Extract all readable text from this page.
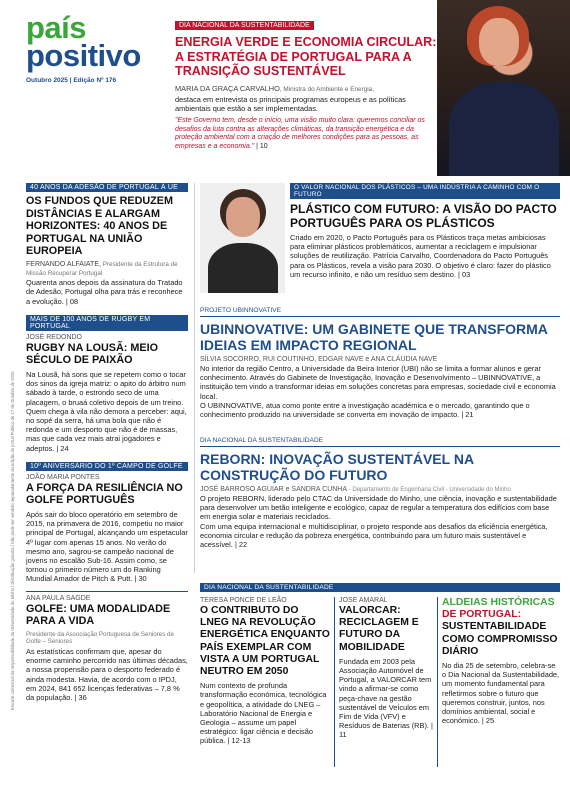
país
positivo
Outubro 2025 | Edição Nº 176
Encarte comercial da responsabilidade da Universidade do Minho | Distribuição gratuita | Não pode ser vendido separadamente da edição do jornal Público de 17 de Outubro de 2025
DIA NACIONAL DA SUSTENTABILIDADE
ENERGIA VERDE E ECONOMIA CIRCULAR: A ESTRATÉGIA DE PORTUGAL PARA A TRANSIÇÃO SUSTENTÁVEL
MARIA DA GRAÇA CARVALHO, Ministra do Ambiente e Energia,
destaca em entrevista os principais programas europeus e as políticas ambientais que estão a ser implementadas.
"Este Governo tem, desde o início, uma visão muito clara: queremos conciliar os desafios da luta contra as alterações climáticas, da transição energética e da proteção ambiental com a criação de melhores condições para as pessoas, as empresas e a economia." | 10
40 ANOS DA ADESÃO DE PORTUGAL À UE
OS FUNDOS QUE REDUZEM DISTÂNCIAS E ALARGAM HORIZONTES: 40 ANOS DE PORTUGAL NA UNIÃO EUROPEIA
FERNANDO ALFAIATE, Presidente da Estrutura de Missão Recuperar Portugal
Quarenta anos depois da assinatura do Tratado de Adesão, Portugal olha para trás e reconhece a evolução. | 08
MAIS DE 100 ANOS DE RUGBY EM PORTUGAL
JOSÉ REDONDO
RUGBY NA LOUSÃ: MEIO SÉCULO DE PAIXÃO
Na Lousã, há sons que se repetem como o tocar dos sinos da igreja matriz: o apito do árbitro num sábado à tarde, o estrondo seco de uma placagem, o bruaá coletivo depois de um treino. Quem chega à vila não demora a perceber: aqui, no sopé da serra, há uma bola que não é redonda e um desporto que não é de massas, mas que cada vez mais atrai jogadores e adeptos. | 24
10º ANIVERSÁRIO DO 1º CAMPO DE GOLFE
JOÃO MARIA PONTES
A FORÇA DA RESILIÊNCIA NO GOLFE PORTUGUÊS
Após sair do bloco operatório em setembro de 2015, na primavera de 2016, competiu no maior principal de Portugal, alcançando um espetacular 4º lugar com apenas 15 anos. No verão do mesmo ano, sagrou-se campeão nacional de jovens no escalão Sub-16. Assim como, se tornou o primeiro número um do Ranking Mundial Amador de Pitch & Putt. | 30
ANA PAULA SAGDE
GOLFE: UMA MODALIDADE PARA A VIDA
Presidente da Associação Portuguesa de Seniores de Golfe – Seniores
As estatísticas confirmam que, apesar do enorme caminho percorrido nas últimas décadas, a nossa propensão para o desporto federado é ainda modesta. Havia, de acordo com o IPDJ, em 2024, 841 652 licenças federativas – 7,8 % da população. | 36
O VALOR NACIONAL DOS PLÁSTICOS – UMA INDÚSTRIA A CAMINHO COM O FUTURO
PLÁSTICO COM FUTURO: A VISÃO DO PACTO PORTUGUÊS PARA OS PLÁSTICOS
Criado em 2020, o Pacto Português para os Plásticos traça metas ambiciosas para eliminar plásticos problemáticos, aumentar a reciclagem e impulsionar soluções de reutilização. Patrícia Carvalho, Coordenadora do Pacto Português para os Plásticos, revela a visão para 2030. O objetivo é claro: fazer do plástico um recurso infinito, e não um resíduo sem destino. | 03
PROJETO UBINNOVATIVE
UBINNOVATIVE: UM GABINETE QUE TRANSFORMA IDEIAS EM IMPACTO REGIONAL
SÍLVIA SOCORRO, RUI COUTINHO, EDGAR NAVE e ANA CLÁUDIA NAVE
No interior da região Centro, a Universidade da Beira Interior (UBI) não se limita a formar alunos e gerar conhecimento. Através do Gabinete de Investigação, Inovação e Desenvolvimento – UBINNOVATIVE, a instituição tem vindo a transformar ideias em soluções concretas para empresas, sociedade civil e economia local.
O UBINNOVATIVE, atua como ponte entre a investigação académica e o mercado, garantindo que o conhecimento produzido na universidade se converta em inovação de impacto. | 21
DIA NACIONAL DA SUSTENTABILIDADE
REBORN: INOVAÇÃO SUSTENTÁVEL NA CONSTRUÇÃO DO FUTURO
JOSÉ BARROSO AGUIAR e SANDRA CUNHA - Departamento de Engenharia Civil - Universidade do Minho
O projeto REBORN, liderado pelo CTAC da Universidade do Minho, une ciência, inovação e sustentabilidade para desenvolver um betão inteligente e ecológico, capaz de regular a temperatura dos edifícios com base em energia solar e materiais reciclados.
Com uma equipa internacional e multidisciplinar, o projeto responde aos desafios da eficiência energética, economia circular e redução da pobreza energética, contribuindo para um futuro mais sustentável e acessível. | 22
DIA NACIONAL DA SUSTENTABILIDADE
TERESA PONCE DE LEÃO
O CONTRIBUTO DO LNEG NA REVOLUÇÃO ENERGÉTICA ENQUANTO PAÍS EXEMPLAR COM VISTA A UM PORTUGAL NEUTRO EM 2050
Num contexto de profunda transformação económica, tecnológica e geopolítica, a atividade do LNEG – Laboratório Nacional de Energia e Geologia – assume um papel estratégico: ligar ciência e decisão pública. | 12-13
JOSE AMARAL
VALORCAR: RECICLAGEM E FUTURO DA MOBILIDADE
Fundada em 2003 pela Associação Automóvel de Portugal, a VALORCAR tem vindo a afirmar-se como peça-chave na gestão sustentável de Veículos em Fim de Vida (VFV) e Resíduos de Baterias (RB). | 11
ALDEIAS HISTÓRICAS
DE PORTUGAL:
SUSTENTABILIDADE COMO COMPROMISSO DIÁRIO
No dia 25 de setembro, celebra-se o Dia Nacional da Sustentabilidade, um momento fundamental para refletirmos sobre o futuro que queremos construir, juntos, nos domínios ambiental, social e económico. | 25
